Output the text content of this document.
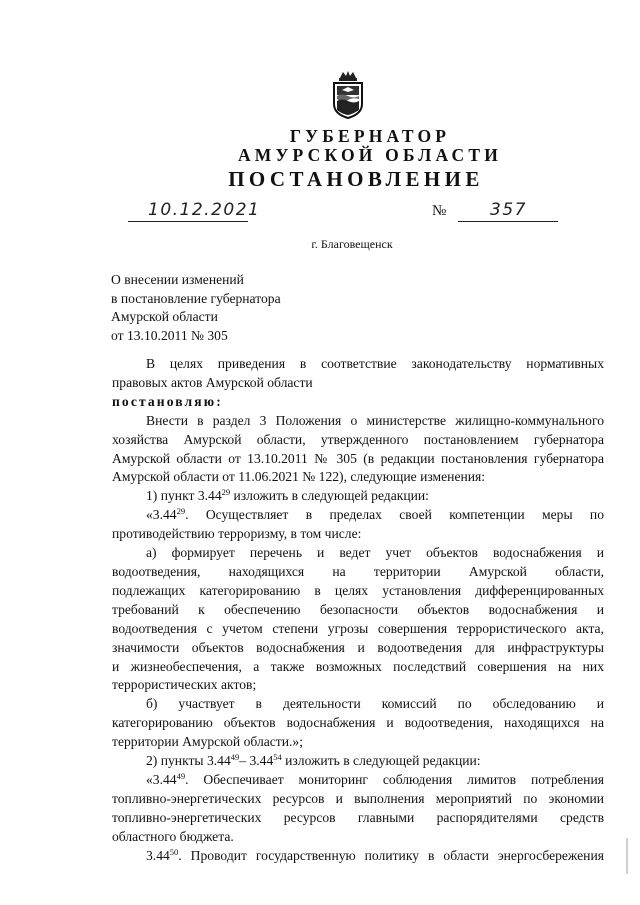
ГУБЕРНАТОР
АМУРСКОЙ ОБЛАСТИ
ПОСТАНОВЛЕНИЕ
10.12.2021	№	357
г. Благовещенск
О внесении изменений
в постановление губернатора
Амурской области
от 13.10.2011 № 305

В целях приведения в соответствие законодательству нормативных

правовых актов Амурской области

постановляю:

Внести в раздел 3 Положения о министерстве жилищно-коммунального

хозяйства Амурской области, утвержденного постановлением губернатора

Амурской области от 13.10.2011 № 305 (в редакции постановления губернатора

Амурской области от 11.06.2021 № 122), следующие изменения:

1) пункт 3.44$^{29}$ изложить в следующей редакции:

«3.44$^{29}$. Осуществляет в пределах своей компетенции меры по

противодействию терроризму, в том числе:

а) формирует перечень и ведет учет объектов водоснабжения и

водоотведения, находящихся на территории Амурской области,

подлежащих категорированию в целях установления дифференцированных

требований к обеспечению безопасности объектов водоснабжения и

водоотведения с учетом степени угрозы совершения террористического акта,

значимости объектов водоснабжения и водоотведения для инфраструктуры

и жизнеобеспечения, а также возможных последствий совершения на них

террористических актов;

б) участвует в деятельности комиссий по обследованию и

категорированию объектов водоснабжения и водоотведения, находящихся на

территории Амурской области.»;

2) пункты 3.44$^{49}$– 3.44$^{54}$ изложить в следующей редакции:

«3.44$^{49}$. Обеспечивает мониторинг соблюдения лимитов потребления

топливно-энергетических ресурсов и выполнения мероприятий по экономии

топливно-энергетических ресурсов главными распорядителями средств

областного бюджета.

3.44$^{50}$. Проводит государственную политику в области энергосбережения
